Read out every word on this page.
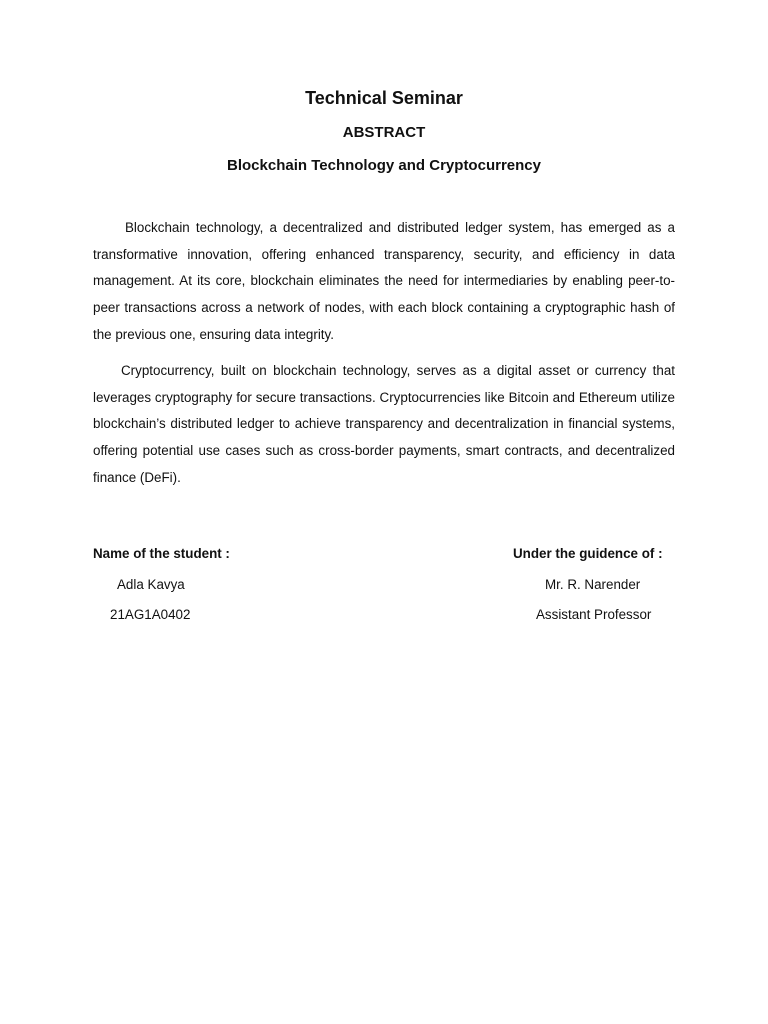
Technical Seminar
ABSTRACT
Blockchain Technology and Cryptocurrency

Blockchain technology, a decentralized and distributed ledger system, has emerged as a transformative innovation, offering enhanced transparency, security, and efficiency in data management. At its core, blockchain eliminates the need for intermediaries by enabling peer-to-peer transactions across a network of nodes, with each block containing a cryptographic hash of the previous one, ensuring data integrity.

Cryptocurrency, built on blockchain technology, serves as a digital asset or currency that leverages cryptography for secure transactions. Cryptocurrencies like Bitcoin and Ethereum utilize blockchain’s distributed ledger to achieve transparency and decentralization in financial systems, offering potential use cases such as cross-border payments, smart contracts, and decentralized finance (DeFi).

Name of the student :
Adla Kavya
21AG1A0402
Under the guidence of :
Mr. R. Narender
Assistant Professor
